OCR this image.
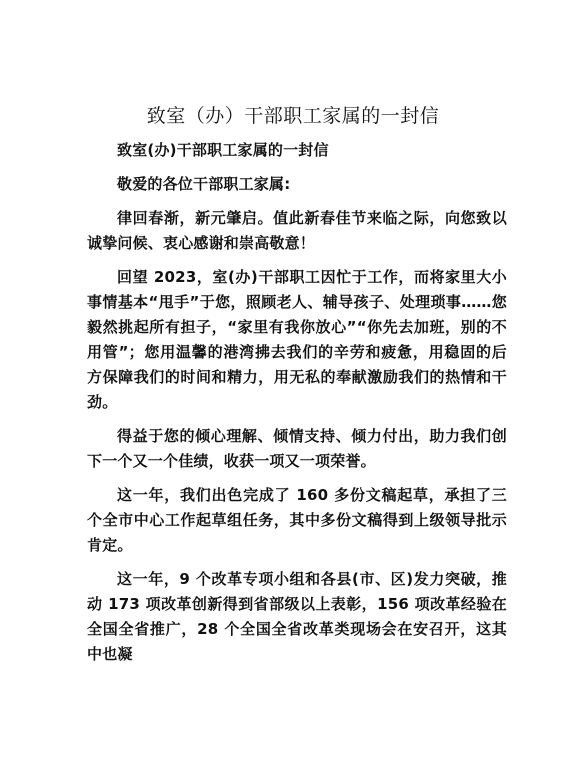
致室（办）干部职工家属的一封信

致室(办)干部职工家属的一封信

敬爱的各位干部职工家属:

律回春渐，新元肇启。值此新春佳节来临之际，向您致以诚挚问候、衷心感谢和崇高敬意！

回望 2023，室(办)干部职工因忙于工作，而将家里大小事情基本“甩手”于您，照顾老人、辅导孩子、处理琐事……您毅然挑起所有担子，“家里有我你放心”“你先去加班，别的不用管”；您用温馨的港湾拂去我们的辛劳和疲惫，用稳固的后方保障我们的时间和精力，用无私的奉献激励我们的热情和干劲。

得益于您的倾心理解、倾情支持、倾力付出，助力我们创下一个又一个佳绩，收获一项又一项荣誉。

这一年，我们出色完成了 160 多份文稿起草，承担了三个全市中心工作起草组任务，其中多份文稿得到上级领导批示肯定。

这一年，9 个改革专项小组和各县(市、区)发力突破，推动 173 项改革创新得到省部级以上表彰，156 项改革经验在全国全省推广，28 个全国全省改革类现场会在安召开，这其中也凝
